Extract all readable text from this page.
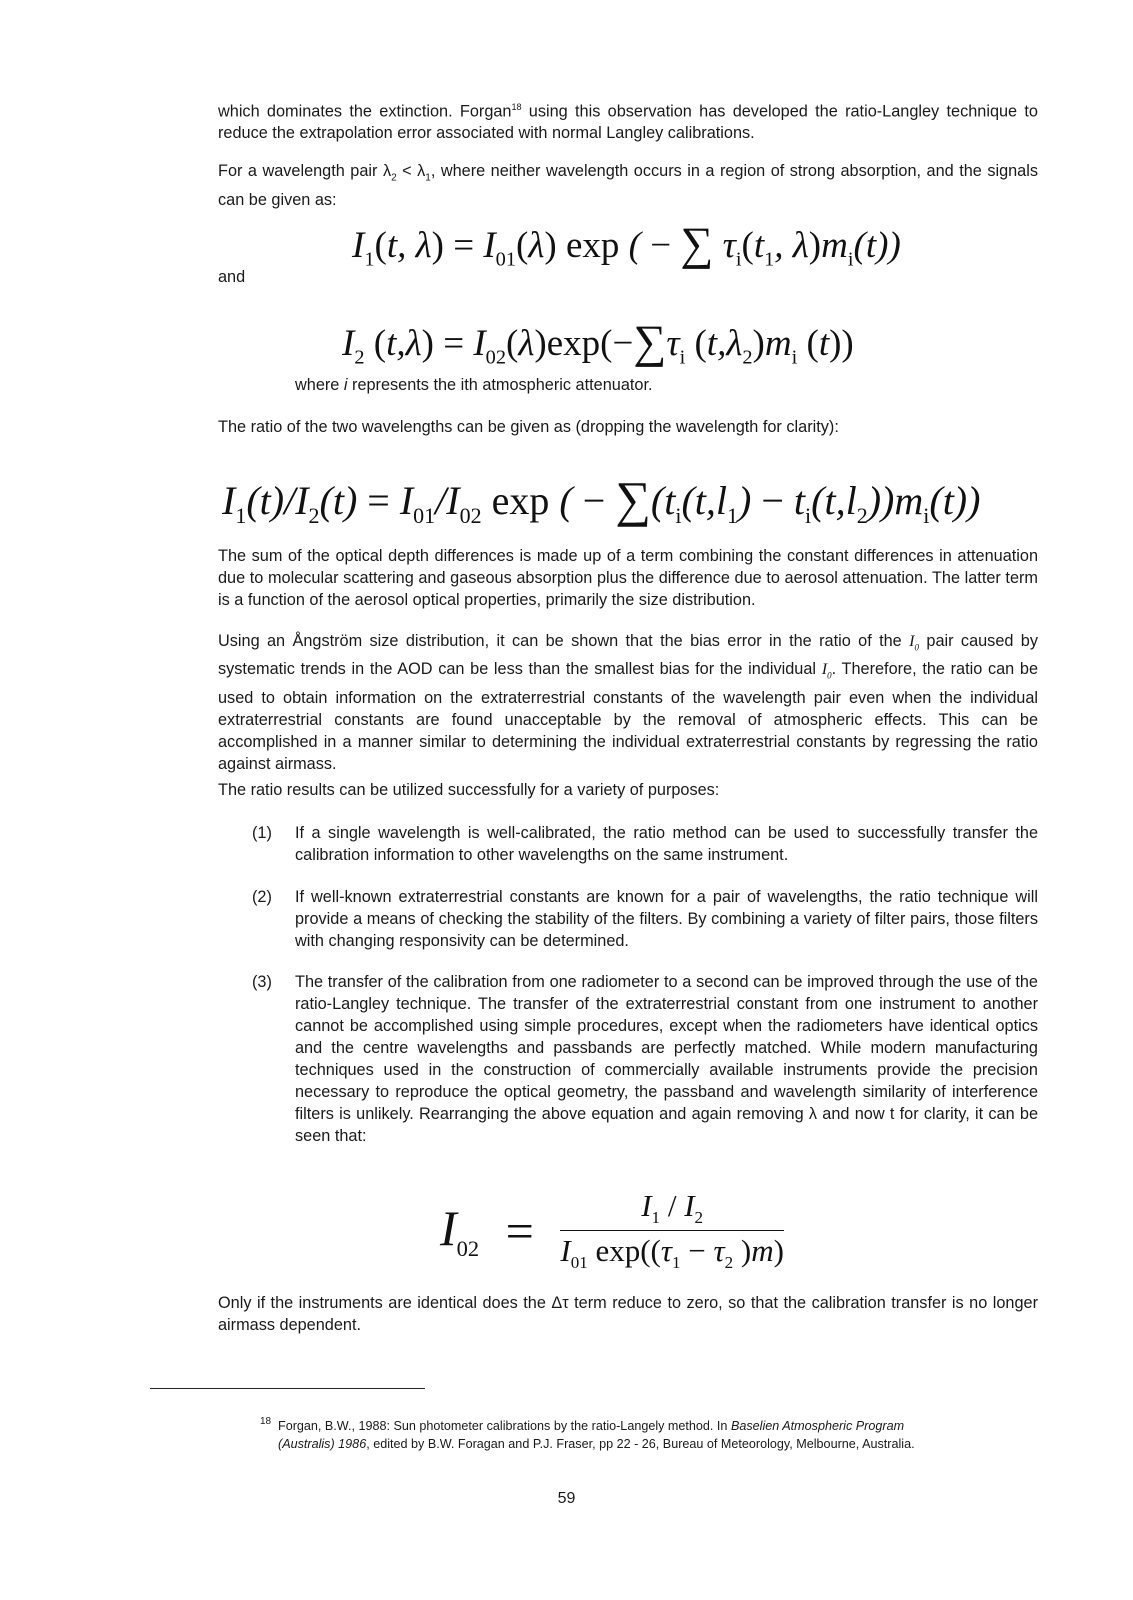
which dominates the extinction. Forgan$^{18}$ using this observation has developed the ratio-Langley technique to reduce the extrapolation error associated with normal Langley calibrations.

For a wavelength pair $\lambda_2 < \lambda_1$, where neither wavelength occurs in a region of strong absorption, and the signals can be given as:

$I_1(t$, $\lambda) = I_{01}(\lambda)$ exp ( − ∑ $\tau_i(t_1$, $\lambda)m_i(t)$)

and

$I_2$ $(t,\lambda) = I_{02}(\lambda)\exp(-\sum\tau_i$ $(t,\lambda_2)m_i$ (t))

where i represents the ith atmospheric attenuator.

The ratio of the two wavelengths can be given as (dropping the wavelength for clarity):

$I_1(t)/I_2(t) = I_{01}/I_{02}$ exp ( − $\sum(t_i(t,l_1) - t_i(t,l_2))m_i(t)$)

The sum of the optical depth differences is made up of a term combining the constant differences in attenuation due to molecular scattering and gaseous absorption plus the difference due to aerosol attenuation. The latter term is a function of the aerosol optical properties, primarily the size distribution.

Using an Ångström size distribution, it can be shown that the bias error in the ratio of the $I_0$ pair caused by systematic trends in the AOD can be less than the smallest bias for the individual $I_0$. Therefore, the ratio can be used to obtain information on the extraterrestrial constants of the wavelength pair even when the individual extraterrestrial constants are found unacceptable by the removal of atmospheric effects. This can be accomplished in a manner similar to determining the individual extraterrestrial constants by regressing the ratio against airmass.

The ratio results can be utilized successfully for a variety of purposes:

(1)	If a single wavelength is well-calibrated, the ratio method can be used to successfully transfer the calibration information to other wavelengths on the same instrument.
(2)	If well-known extraterrestrial constants are known for a pair of wavelengths, the ratio technique will provide a means of checking the stability of the filters. By combining a variety of filter pairs, those filters with changing responsivity can be determined.
(3)	The transfer of the calibration from one radiometer to a second can be improved through the use of the ratio-Langley technique. The transfer of the extraterrestrial constant from one instrument to another cannot be accomplished using simple procedures, except when the radiometers have identical optics and the centre wavelengths and passbands are perfectly matched. While modern manufacturing techniques used in the construction of commercially available instruments provide the precision necessary to reproduce the optical geometry, the passband and wavelength similarity of interference filters is unlikely. Rearranging the above equation and again removing λ and now t for clarity, it can be seen that:
$I_{02} = \frac{I_1 / I_2}{I_{01} \exp((\tau_1 - \tau_2 )m)}$

Only if the instruments are identical does the Δτ term reduce to zero, so that the calibration transfer is no longer airmass dependent.

18 Forgan, B.W., 1988: Sun photometer calibrations by the ratio-Langely method. In Baselien Atmospheric Program (Australis) 1986, edited by B.W. Foragan and P.J. Fraser, pp 22 - 26, Bureau of Meteorology, Melbourne, Australia.
59
